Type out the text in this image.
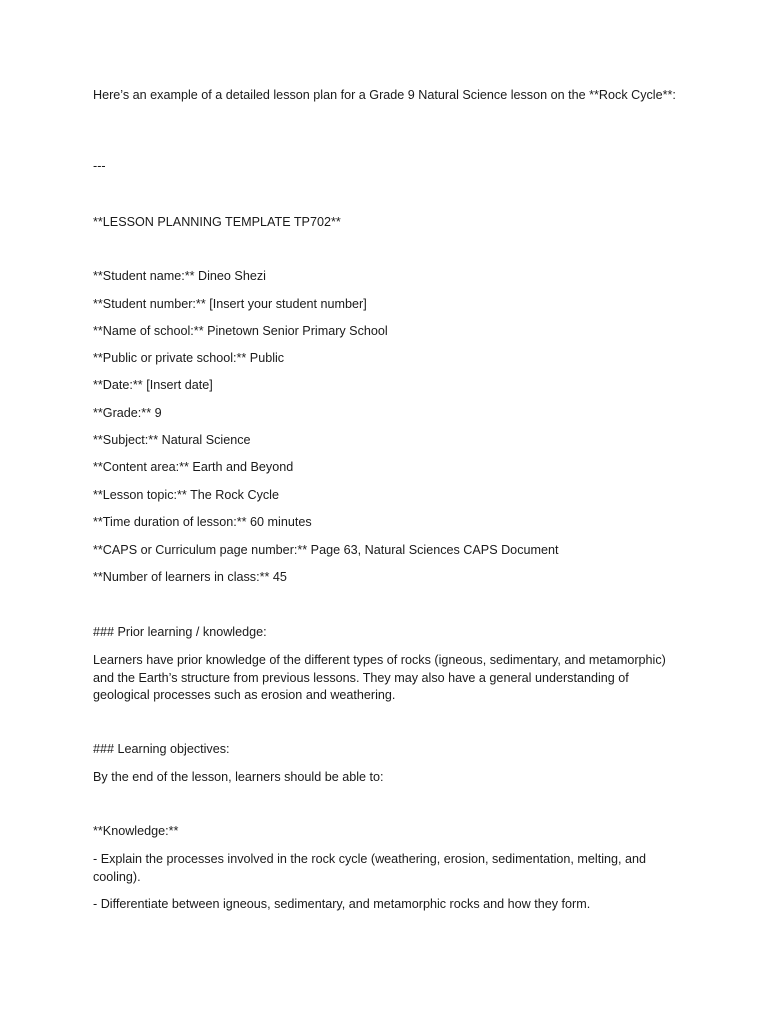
Here’s an example of a detailed lesson plan for a Grade 9 Natural Science lesson on the **Rock Cycle**:

---

**LESSON PLANNING TEMPLATE TP702**

**Student name:** Dineo Shezi

**Student number:** [Insert your student number]

**Name of school:** Pinetown Senior Primary School

**Public or private school:** Public

**Date:** [Insert date]

**Grade:** 9

**Subject:** Natural Science

**Content area:** Earth and Beyond

**Lesson topic:** The Rock Cycle

**Time duration of lesson:** 60 minutes

**CAPS or Curriculum page number:** Page 63, Natural Sciences CAPS Document

**Number of learners in class:** 45

### Prior learning / knowledge:

Learners have prior knowledge of the different types of rocks (igneous, sedimentary, and metamorphic) and the Earth’s structure from previous lessons. They may also have a general understanding of geological processes such as erosion and weathering.

### Learning objectives:

By the end of the lesson, learners should be able to:

**Knowledge:**

- Explain the processes involved in the rock cycle (weathering, erosion, sedimentation, melting, and cooling).

- Differentiate between igneous, sedimentary, and metamorphic rocks and how they form.
